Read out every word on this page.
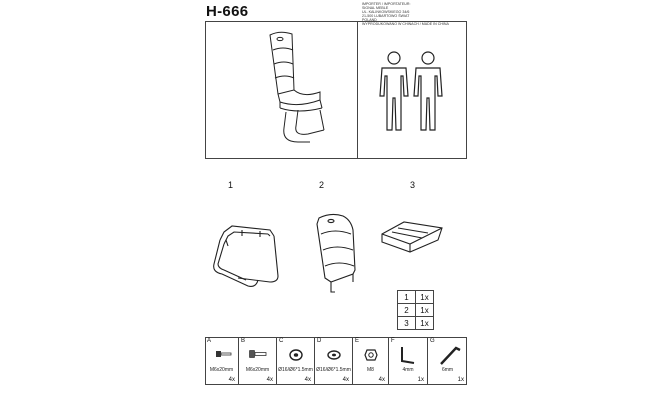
H-666	IMPORTER / IMPORTATEUR:
SIGNAL MEBLE
UL. KALINKOWSKIEGO 34/6
21-500 LUBARTOWO ŚWIAT
POLAND
WYPRODUKOWANO W CHINACH / MADE IN CHINA
1	2	3
1	1x
2	1x
3	1x
A
M6x20mm
4x
B
M6x20mm
4x
C
Ø16/Ø6*1.5mm
4x
D
Ø16/Ø6*1.5mm
4x
E
M8
4x
F
4mm
1x
G
6mm
1x
